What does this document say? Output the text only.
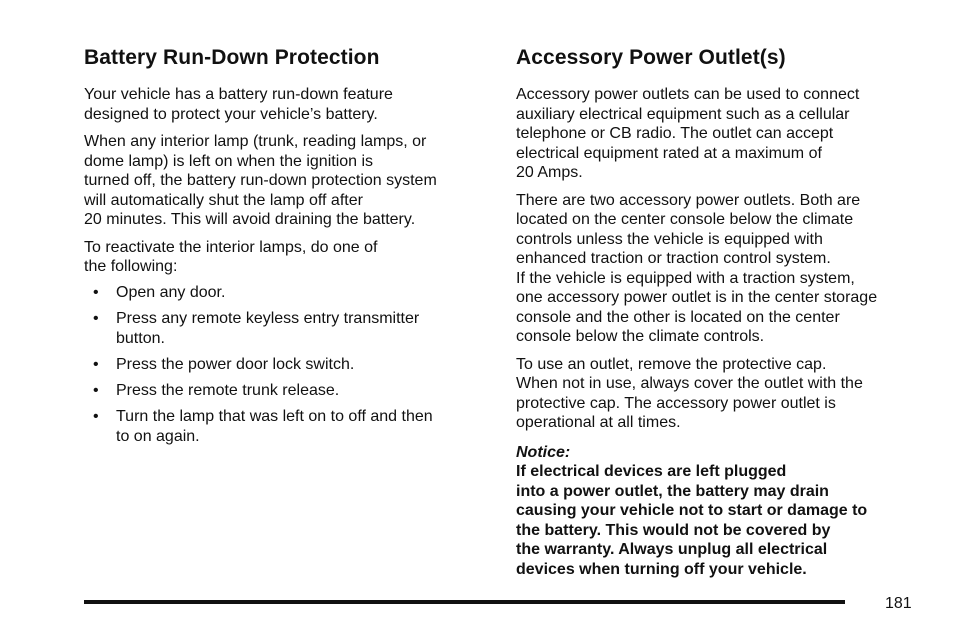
Battery Run-Down Protection

Your vehicle has a battery run-down feature
designed to protect your vehicle’s battery.

When any interior lamp (trunk, reading lamps, or
dome lamp) is left on when the ignition is
turned off, the battery run-down protection system
will automatically shut the lamp off after
20 minutes. This will avoid draining the battery.

To reactivate the interior lamps, do one of
the following:

• Open any door.
• Press any remote keyless entry transmitter
button.
• Press the power door lock switch.
• Press the remote trunk release.
• Turn the lamp that was left on to off and then
to on again.
Accessory Power Outlet(s)

Accessory power outlets can be used to connect
auxiliary electrical equipment such as a cellular
telephone or CB radio. The outlet can accept
electrical equipment rated at a maximum of
20 Amps.

There are two accessory power outlets. Both are
located on the center console below the climate
controls unless the vehicle is equipped with
enhanced traction or traction control system.
If the vehicle is equipped with a traction system,
one accessory power outlet is in the center storage
console and the other is located on the center
console below the climate controls.

To use an outlet, remove the protective cap.
When not in use, always cover the outlet with the
protective cap. The accessory power outlet is
operational at all times.

Notice:
If electrical devices are left plugged
into a power outlet, the battery may drain
causing your vehicle not to start or damage to
the battery. This would not be covered by
the warranty. Always unplug all electrical
devices when turning off your vehicle.

181
